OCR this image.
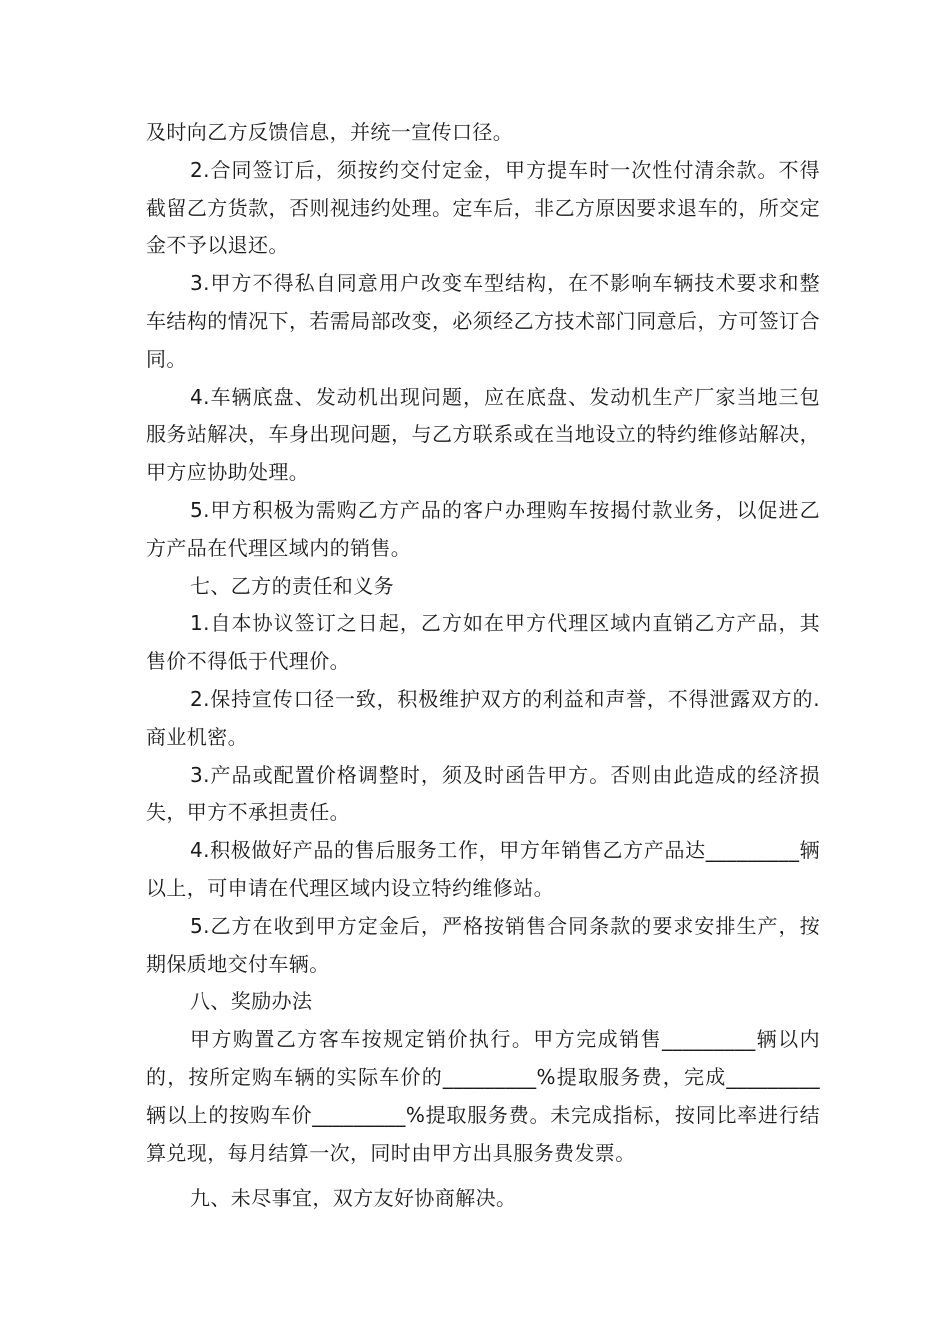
及时向乙方反馈信息，并统一宣传口径。

2.合同签订后，须按约交付定金，甲方提车时一次性付清余款。不得截留乙方货款，否则视违约处理。定车后，非乙方原因要求退车的，所交定金不予以退还。

3.甲方不得私自同意用户改变车型结构，在不影响车辆技术要求和整车结构的情况下，若需局部改变，必须经乙方技术部门同意后，方可签订合同。

4.车辆底盘、发动机出现问题，应在底盘、发动机生产厂家当地三包服务站解决，车身出现问题，与乙方联系或在当地设立的特约维修站解决，甲方应协助处理。

5.甲方积极为需购乙方产品的客户办理购车按揭付款业务，以促进乙方产品在代理区域内的销售。

七、乙方的责任和义务

1.自本协议签订之日起，乙方如在甲方代理区域内直销乙方产品，其售价不得低于代理价。

2.保持宣传口径一致，积极维护双方的利益和声誉，不得泄露双方的.商业机密。

3.产品或配置价格调整时，须及时函告甲方。否则由此造成的经济损失，甲方不承担责任。

4.积极做好产品的售后服务工作，甲方年销售乙方产品达_________辆以上，可申请在代理区域内设立特约维修站。

5.乙方在收到甲方定金后，严格按销售合同条款的要求安排生产，按期保质地交付车辆。

八、奖励办法

甲方购置乙方客车按规定销价执行。甲方完成销售_________辆以内的，按所定购车辆的实际车价的_________%提取服务费，完成_________辆以上的按购车价_________%提取服务费。未完成指标，按同比率进行结算兑现，每月结算一次，同时由甲方出具服务费发票。

九、未尽事宜，双方友好协商解决。
